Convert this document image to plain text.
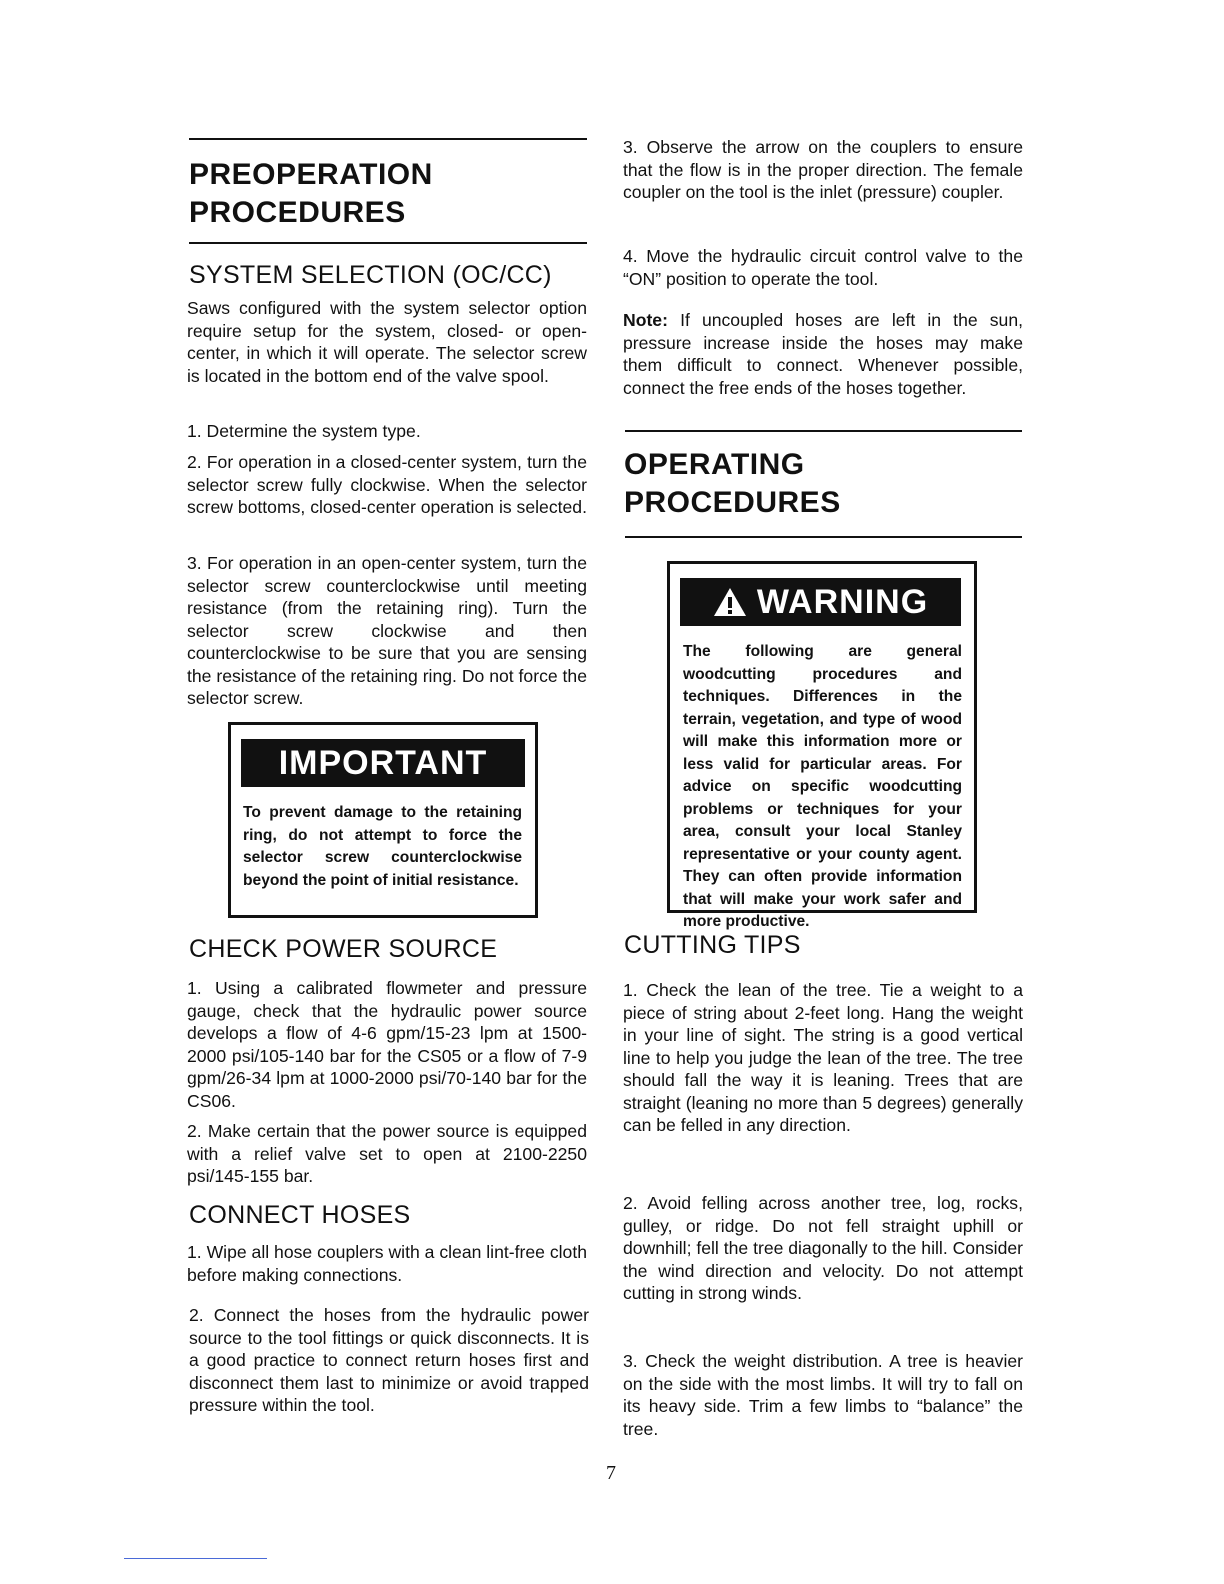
PREOPERATION
PROCEDURES
SYSTEM SELECTION (OC/CC)

Saws configured with the system selector option require setup for the system, closed- or open-center, in which it will operate. The selector screw is located in the bottom end of the valve spool.

1. Determine the system type.

2. For operation in a closed-center system, turn the selector screw fully clockwise. When the selector screw bottoms, closed-center operation is selected.

3. For operation in an open-center system, turn the selector screw counterclockwise until meeting resistance (from the retaining ring). Turn the selector screw clockwise and then counterclockwise to be sure that you are sensing the resistance of the retaining ring. Do not force the selector screw.

IMPORTANT

To prevent damage to the retaining ring, do not attempt to force the selector screw counterclockwise beyond the point of initial resistance.

CHECK POWER SOURCE

1. Using a calibrated flowmeter and pressure gauge, check that the hydraulic power source develops a flow of 4-6 gpm/15-23 lpm at 1500-2000 psi/105-140 bar for the CS05 or a flow of 7-9 gpm/26-34 lpm at 1000-2000 psi/70-140 bar for the CS06.

2. Make certain that the power source is equipped with a relief valve set to open at 2100-2250 psi/145-155 bar.

CONNECT HOSES

1. Wipe all hose couplers with a clean lint-free cloth before making connections.

2. Connect the hoses from the hydraulic power source to the tool fittings or quick disconnects. It is a good practice to connect return hoses first and disconnect them last to minimize or avoid trapped pressure within the tool.

3. Observe the arrow on the couplers to ensure that the flow is in the proper direction. The female coupler on the tool is the inlet (pressure) coupler.

4. Move the hydraulic circuit control valve to the “ON” position to operate the tool.

Note: If uncoupled hoses are left in the sun, pressure increase inside the hoses may make them difficult to connect. Whenever possible, connect the free ends of the hoses together.

OPERATING
PROCEDURES
WARNING

The following are general woodcutting procedures and techniques. Differences in the terrain, vegetation, and type of wood will make this information more or less valid for particular areas. For advice on specific woodcutting problems or techniques for your area, consult your local Stanley representative or your county agent. They can often provide information that will make your work safer and more productive.

CUTTING TIPS

1. Check the lean of the tree. Tie a weight to a piece of string about 2-feet long. Hang the weight in your line of sight. The string is a good vertical line to help you judge the lean of the tree. The tree should fall the way it is leaning. Trees that are straight (leaning no more than 5 degrees) generally can be felled in any direction.

2. Avoid felling across another tree, log, rocks, gulley, or ridge. Do not fell straight uphill or downhill; fell the tree diagonally to the hill. Consider the wind direction and velocity. Do not attempt cutting in strong winds.

3. Check the weight distribution. A tree is heavier on the side with the most limbs. It will try to fall on its heavy side. Trim a few limbs to “balance” the tree.

7
